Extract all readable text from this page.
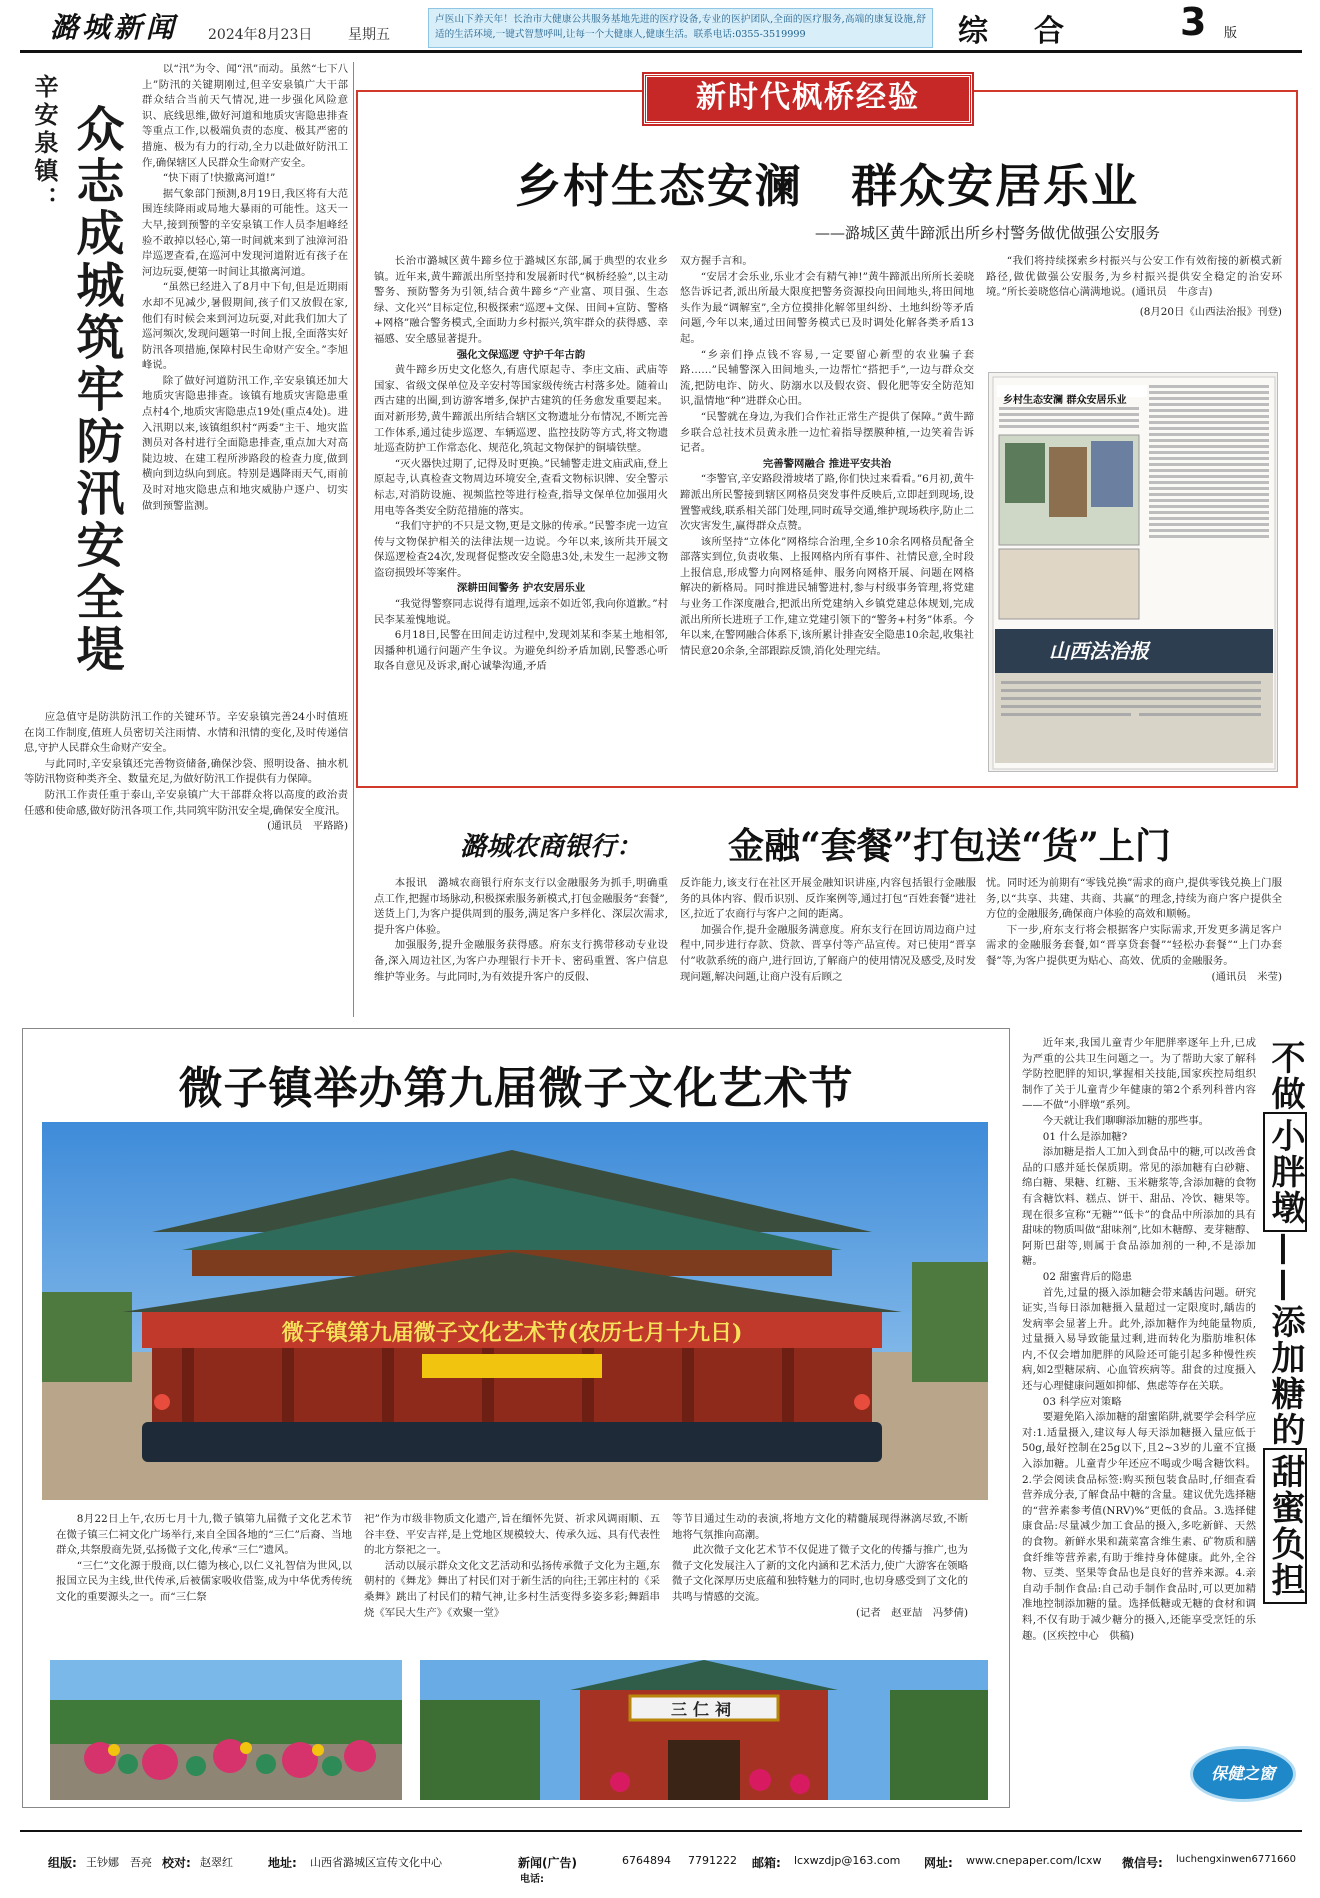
潞城新闻 2024年8月23日	星期五
卢医山下养天年！长治市大健康公共服务基地先进的医疗设备,专业的医护团队,全面的医疗服务,高端的康复设施,舒适的生活环境,一键式智慧呼叫,让每一个大健康人,健康生活。联系电话:0355-3519999	综　合	3 版
辛安泉镇： 众志成城
筑牢防汛安全堤

以“汛”为令、闻“汛”而动。虽然“七下八上”防汛的关键期刚过,但辛安泉镇广大干部群众结合当前天气情况,进一步强化风险意识、底线思维,做好河道和地质灾害隐患排查等重点工作,以极端负责的态度、极其严密的措施、极为有力的行动,全力以赴做好防汛工作,确保辖区人民群众生命财产安全。

“快下雨了!快撤离河道!”

据气象部门预测,8月19日,我区将有大范围连续降雨或局地大暴雨的可能性。这天一大早,接到预警的辛安泉镇工作人员李旭峰经验不敢掉以轻心,第一时间就来到了浊漳河沿岸巡逻查看,在巡河中发现河道附近有孩子在河边玩耍,便第一时间让其撤离河道。

“虽然已经进入了8月中下旬,但是近期雨水却不见减少,暑假期间,孩子们又放假在家,他们有时候会来到河边玩耍,对此我们加大了巡河频次,发现问题第一时间上报,全面落实好防汛各项措施,保障村民生命财产安全。”李旭峰说。

除了做好河道防汛工作,辛安泉镇还加大地质灾害隐患排查。该镇有地质灾害隐患重点村4个,地质灾害隐患点19处(重点4处)。进入汛期以来,该镇组织村“两委”主干、地灾监测员对各村进行全面隐患排查,重点加大对高陡边坡、在建工程所涉路段的检查力度,做到横向到边纵向到底。特别是遇降雨天气,雨前及时对地灾隐患点和地灾威胁户逐户、切实做到预警监测。

应急值守是防洪防汛工作的关键环节。辛安泉镇完善24小时值班在岗工作制度,值班人员密切关注雨情、水情和汛情的变化,及时传递信息,守护人民群众生命财产安全。

与此同时,辛安泉镇还完善物资储备,确保沙袋、照明设备、抽水机等防汛物资种类齐全、数量充足,为做好防汛工作提供有力保障。

防汛工作责任重于泰山,辛安泉镇广大干部群众将以高度的政治责任感和使命感,做好防汛各项工作,共同筑牢防汛安全堤,确保安全度汛。

(通讯员　平路路)

新时代枫桥经验
乡村生态安澜　群众安居乐业
——潞城区黄牛蹄派出所乡村警务做优做强公安服务

长治市潞城区黄牛蹄乡位于潞城区东部,属于典型的农业乡镇。近年来,黄牛蹄派出所坚持和发展新时代“枫桥经验”,以主动警务、预防警务为引领,结合黄牛蹄乡“产业富、项目强、生态绿、文化兴”目标定位,积极探索“巡逻+文保、田间+宣防、警格+网格”融合警务模式,全面助力乡村振兴,筑牢群众的获得感、幸福感、安全感显著提升。

强化文保巡逻 守护千年古韵

黄牛蹄乡历史文化悠久,有唐代原起寺、李庄文庙、武庙等国家、省级文保单位及辛安村等国家级传统古村落多处。随着山西古建的出圈,到访游客增多,保护古建筑的任务愈发重要起来。面对新形势,黄牛蹄派出所结合辖区文物遗址分布情况,不断完善工作体系,通过徒步巡逻、车辆巡逻、监控技防等方式,将文物遗址巡查防护工作常态化、规范化,筑起文物保护的铜墙铁壁。

“灭火器快过期了,记得及时更换。”民辅警走进文庙武庙,登上原起寺,认真检查文物周边环境安全,查看文物标识牌、安全警示标志,对消防设施、视频监控等进行检查,指导文保单位加强用火用电等各类安全防范措施的落实。

“我们守护的不只是文物,更是文脉的传承。”民警李虎一边宣传与文物保护相关的法律法规一边说。今年以来,该所共开展文保巡逻检查24次,发现督促整改安全隐患3处,未发生一起涉文物盗窃损毁坏等案件。

深耕田间警务 护农安居乐业

“我觉得警察同志说得有道理,远亲不如近邻,我向你道歉。”村民李某羞愧地说。

6月18日,民警在田间走访过程中,发现刘某和李某土地相邻,因播种机通行问题产生争议。为避免纠纷矛盾加剧,民警悉心听取各自意见及诉求,耐心诚挚沟通,矛盾

双方握手言和。

“安居才会乐业,乐业才会有精气神!”黄牛蹄派出所所长姜晓悠告诉记者,派出所最大限度把警务资源投向田间地头,将田间地头作为最“调解室”,全方位摸排化解邻里纠纷、土地纠纷等矛盾问题,今年以来,通过田间警务模式已及时调处化解各类矛盾13起。

“乡亲们挣点钱不容易,一定要留心新型的农业骗子套路……”民辅警深入田间地头,一边帮忙“搭把手”,一边与群众交流,把防电诈、防火、防溺水以及假农资、假化肥等安全防范知识,温情地“种”进群众心田。

“民警就在身边,为我们合作社正常生产提供了保障。”黄牛蹄乡联合总社技术员黄永胜一边忙着指导摆膜种植,一边笑着告诉记者。

完善警网融合 推进平安共治

“李警官,辛安路段滑坡堵了路,你们快过来看看。”6月初,黄牛蹄派出所民警接到辖区网格员突发事件反映后,立即赶到现场,设置警戒线,联系相关部门处理,同时疏导交通,维护现场秩序,防止二次灾害发生,赢得群众点赞。

该所坚持“立体化”网格综合治理,全乡10余名网格员配备全部落实到位,负责收集、上报网格内所有事件、社情民意,全时段上报信息,形成警力向网格延伸、服务向网格开展、问题在网格解决的新格局。同时推进民辅警进村,参与村级事务管理,将党建与业务工作深度融合,把派出所党建纳入乡镇党建总体规划,完成派出所所长进班子工作,建立党建引领下的“警务+村务”体系。今年以来,在警网融合体系下,该所累计排查安全隐患10余起,收集社情民意20余条,全部跟踪反馈,消化处理完结。

“我们将持续探索乡村振兴与公安工作有效衔接的新模式新路径,做优做强公安服务,为乡村振兴提供安全稳定的治安环境。”所长姜晓悠信心满满地说。(通讯员　牛彦吉)

(8月20日《山西法治报》刊登)

乡村生态安澜 群众安居乐业
山西法治报
潞城农商银行： 金融“套餐”打包送“货”上门

本报讯　潞城农商银行府东支行以金融服务为抓手,明确重点工作,把握市场脉动,积极探索服务新模式,打包金融服务“套餐”,送货上门,为客户提供周到的服务,满足客户多样化、深层次需求,提升客户体验。

加强服务,提升金融服务获得感。府东支行携带移动专业设备,深入周边社区,为客户办理银行卡开卡、密码重置、客户信息维护等业务。与此同时,为有效提升客户的反假、

反诈能力,该支行在社区开展金融知识讲座,内容包括银行金融服务的具体内容、假币识别、反诈案例等,通过打包“百姓套餐”进社区,拉近了农商行与客户之间的距离。

加强合作,提升金融服务满意度。府东支行在回访周边商户过程中,同步进行存款、贷款、晋享付等产品宣传。对已使用“晋享付”收款系统的商户,进行回访,了解商户的使用情况及感受,及时发现问题,解决问题,让商户没有后顾之

忧。同时还为前期有“零钱兑换”需求的商户,提供零钱兑换上门服务,以“共享、共建、共商、共赢”的理念,持续为商户客户提供全方位的金融服务,确保商户体验的高效和顺畅。

下一步,府东支行将会根据客户实际需求,开发更多满足客户需求的金融服务套餐,如“晋享贷套餐”“轻松办套餐”“上门办套餐”等,为客户提供更为贴心、高效、优质的金融服务。

(通讯员　米莹)

微子镇举办第九届微子文化艺术节
微子镇第九届微子文化艺术节(农历七月十九日)

8月22日上午,农历七月十九,微子镇第九届微子文化艺术节在微子镇三仁祠文化广场举行,来自全国各地的“三仁”后裔、当地群众,共祭殷商先贤,弘扬微子文化,传承“三仁”遗风。

“三仁”文化源于殷商,以仁德为核心,以仁义礼智信为世风,以报国立民为主线,世代传承,后被儒家吸收借鉴,成为中华优秀传统文化的重要源头之一。而“三仁祭

祀”作为市级非物质文化遗产,旨在缅怀先贤、祈求风调雨顺、五谷丰登、平安吉祥,是上党地区规模较大、传承久远、具有代表性的北方祭祀之一。

活动以展示群众文化文艺活动和弘扬传承微子文化为主题,东朝村的《舞龙》舞出了村民们对于新生活的向往;王郭庄村的《采桑舞》跳出了村民们的精气神,让多村生活变得多姿多彩;舞蹈串烧《军民大生产》《欢聚一堂》

等节目通过生动的表演,将地方文化的精髓展现得淋漓尽致,不断地将气氛推向高潮。

此次微子文化艺术节不仅促进了微子文化的传播与推广,也为微子文化发展注入了新的文化内涵和艺术活力,使广大游客在领略微子文化深厚历史底蕴和独特魅力的同时,也切身感受到了文化的共鸣与情感的交流。

(记者　赵亚喆　冯梦倩)

三仁祠
不做小胖墩——添加糖的甜蜜负担

近年来,我国儿童青少年肥胖率逐年上升,已成为严重的公共卫生问题之一。为了帮助大家了解科学防控肥胖的知识,掌握相关技能,国家疾控局组织制作了关于儿童青少年健康的第2个系列科普内容——不做“小胖墩”系列。

今天就让我们聊聊添加糖的那些事。

01 什么是添加糖?

添加糖是指人工加入到食品中的糖,可以改善食品的口感并延长保质期。常见的添加糖有白砂糖、绵白糖、果糖、红糖、玉米糖浆等,含添加糖的食物有含糖饮料、糕点、饼干、甜品、冷饮、糖果等。现在很多宣称“无糖”“低卡”的食品中所添加的具有甜味的物质叫做“甜味剂”,比如木糖醇、麦芽糖醇、阿斯巴甜等,则属于食品添加剂的一种,不是添加糖。

02 甜蜜背后的隐患

首先,过量的摄入添加糖会带来龋齿问题。研究证实,当每日添加糖摄入量超过一定限度时,龋齿的发病率会显著上升。此外,添加糖作为纯能量物质,过量摄入易导致能量过剩,进而转化为脂肪堆积体内,不仅会增加肥胖的风险还可能引起多种慢性疾病,如2型糖尿病、心血管疾病等。甜食的过度摄入还与心理健康问题如抑郁、焦虑等存在关联。

03 科学应对策略

要避免陷入添加糖的甜蜜陷阱,就要学会科学应对:1.适量摄入,建议每人每天添加糖摄入量应低于50g,最好控制在25g以下,且2~3岁的儿童不宜摄入添加糖。儿童青少年还应不喝或少喝含糖饮料。2.学会阅读食品标签:购买预包装食品时,仔细查看营养成分表,了解食品中糖的含量。建议优先选择糖的“营养素参考值(NRV)%”更低的食品。3.选择健康食品:尽量减少加工食品的摄入,多吃新鲜、天然的食物。新鲜水果和蔬菜富含维生素、矿物质和膳食纤维等营养素,有助于维持身体健康。此外,全谷物、豆类、坚果等食品也是良好的营养来源。4.亲自动手制作食品:自己动手制作食品时,可以更加精准地控制添加糖的量。选择低糖或无糖的食材和调料,不仅有助于减少糖分的摄入,还能享受烹饪的乐趣。(区疾控中心　供稿)

保健之窗
组版: 王钞娜　吾亮 校对: 赵翠红	地址: 山西省潞城区宣传文化中心	新闻(广告)
电话:
6764894 7791222 邮箱: lcxwzdjp@163.com 网址: www.cnepaper.com/lcxw 微信号: luchengxinwen6771660
